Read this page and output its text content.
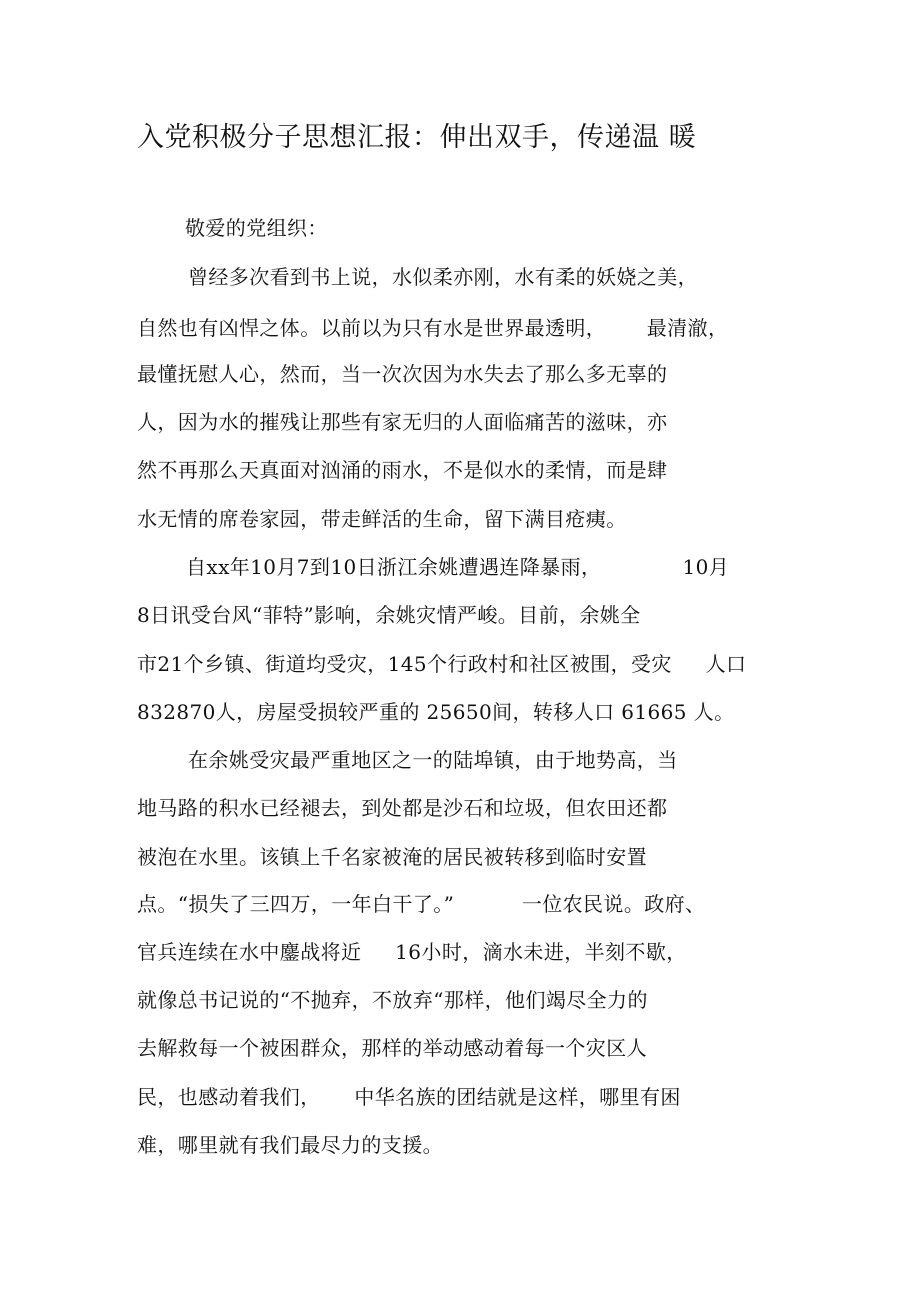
入党积极分子思想汇报：伸出双手，传递温 暖
敬爱的党组织：
曾经多次看到书上说，水似柔亦刚，水有柔的妖娆之美，
自然也有凶悍之体。以前以为只有水是世界最透明，      最清澈，
最懂抚慰人心，然而，当一次次因为水失去了那么多无辜的
人，因为水的摧残让那些有家无归的人面临痛苦的滋味，亦
然不再那么天真面对汹涌的雨水，不是似水的柔情，而是肆
水无情的席卷家园，带走鲜活的生命，留下满目疮痍。
自xx年10月7到10日浙江余姚遭遇连降暴雨，            10月
8日讯受台风“菲特”影响，余姚灾情严峻。目前，余姚全
市21个乡镇、街道均受灾，145个行政村和社区被围，受灾     人口
832870人，房屋受损较严重的 25650间，转移人口 61665 人。
在余姚受灾最严重地区之一的陆埠镇，由于地势高，当
地马路的积水已经褪去，到处都是沙石和垃圾，但农田还都
被泡在水里。该镇上千名家被淹的居民被转移到临时安置
点。“损失了三四万，一年白干了。”          一位农民说。政府、
官兵连续在水中鏖战将近     16小时，滴水未进，半刻不歇，
就像总书记说的“不抛弃，不放弃“那样，他们竭尽全力的
去解救每一个被困群众，那样的举动感动着每一个灾区人
民，也感动着我们，     中华名族的团结就是这样，哪里有困
难，哪里就有我们最尽力的支援。
